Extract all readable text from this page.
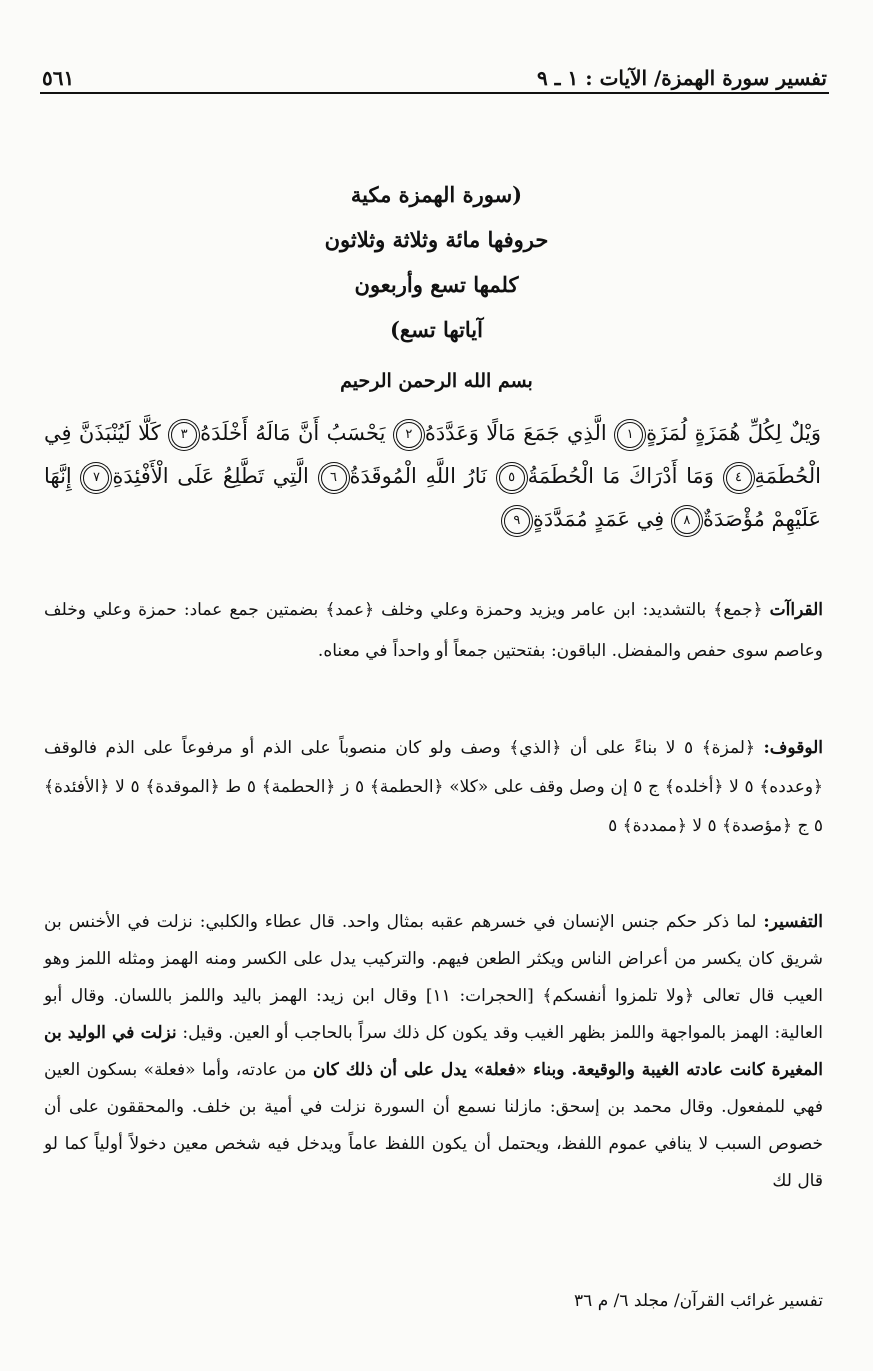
تفسير سورة الهمزة/ الآيات : ١ ـ ٩
٥٦١
(سورة الهمزة مكية
حروفها مائة وثلاثة وثلاثون
كلمها تسع وأربعون
آياتها تسع)
بسم الله الرحمن الرحيم
وَيْلٌ لِكُلِّ هُمَزَةٍ لُمَزَةٍ١ الَّذِي جَمَعَ مَالًا وَعَدَّدَهُ٢ يَحْسَبُ أَنَّ مَالَهُ أَخْلَدَهُ٣ كَلَّا لَيُنْبَذَنَّ فِي الْحُطَمَةِ٤ وَمَا أَدْرَاكَ مَا الْحُطَمَةُ٥ نَارُ اللَّهِ الْمُوقَدَةُ٦ الَّتِي تَطَّلِعُ عَلَى الْأَفْئِدَةِ٧ إِنَّهَا عَلَيْهِمْ مُؤْصَدَةٌ٨ فِي عَمَدٍ مُمَدَّدَةٍ٩
القراآت ﴿جمع﴾ بالتشديد: ابن عامر ويزيد وحمزة وعلي وخلف ﴿عمد﴾ بضمتين جمع عماد: حمزة وعلي وخلف وعاصم سوى حفص والمفضل. الباقون: بفتحتين جمعاً أو واحداً في معناه.
الوقوف: ﴿لمزة﴾ ٥ لا بناءً على أن ﴿الذي﴾ وصف ولو كان منصوباً على الذم أو مرفوعاً على الذم فالوقف ﴿وعدده﴾ ٥ لا ﴿أخلده﴾ ج ٥ إن وصل وقف على «كلا» ﴿الحطمة﴾ ٥ ز ﴿الحطمة﴾ ٥ ط ﴿الموقدة﴾ ٥ لا ﴿الأفئدة﴾ ٥ ج ﴿مؤصدة﴾ ٥ لا ﴿ممددة﴾ ٥
التفسير: لما ذكر حكم جنس الإنسان في خسرهم عقبه بمثال واحد. قال عطاء والكلبي: نزلت في الأخنس بن شريق كان يكسر من أعراض الناس ويكثر الطعن فيهم. والتركيب يدل على الكسر ومنه الهمز ومثله اللمز وهو العيب قال تعالى ﴿ولا تلمزوا أنفسكم﴾ [الحجرات: ١١] وقال ابن زيد: الهمز باليد واللمز باللسان. وقال أبو العالية: الهمز بالمواجهة واللمز بظهر الغيب وقد يكون كل ذلك سراً بالحاجب أو العين. وقيل: نزلت في الوليد بن المغيرة كانت عادته الغيبة والوقيعة. وبناء «فعلة» يدل على أن ذلك كان من عادته، وأما «فعلة» بسكون العين فهي للمفعول. وقال محمد بن إسحق: مازلنا نسمع أن السورة نزلت في أمية بن خلف. والمحققون على أن خصوص السبب لا ينافي عموم اللفظ، ويحتمل أن يكون اللفظ عاماً ويدخل فيه شخص معين دخولاً أولياً كما لو قال لك
تفسير غرائب القرآن/ مجلد ٦/ م ٣٦
